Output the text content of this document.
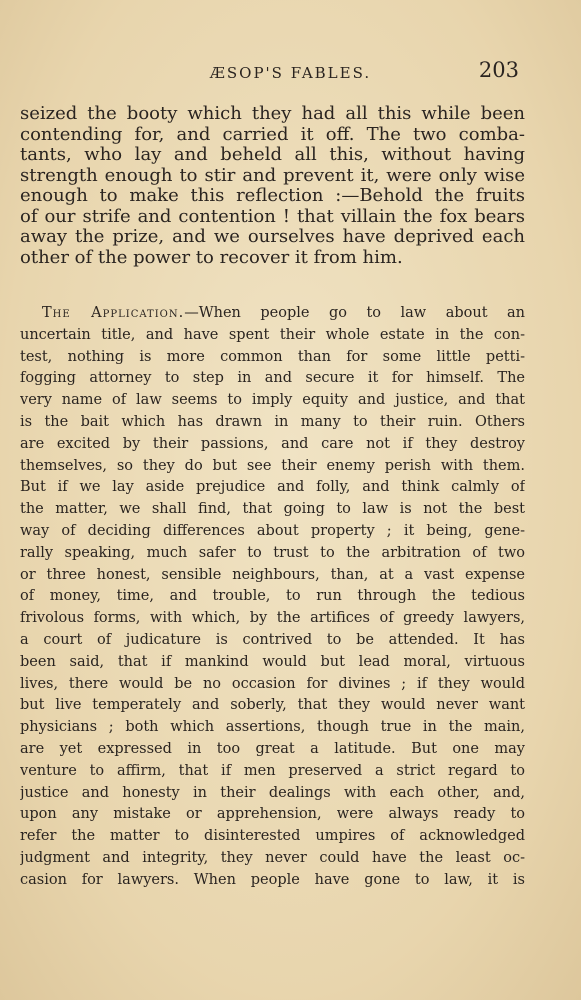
ÆSOP'S FABLES.	203
seized the booty which they had all this while been
contending for, and carried it off. The two comba-
tants, who lay and beheld all this, without having
strength enough to stir and prevent it, were only wise
enough to make this reflection :—Behold the fruits
of our strife and contention ! that villain the fox bears
away the prize, and we ourselves have deprived each
other of the power to recover it from him.
The Application.—When people go to law about an
uncertain title, and have spent their whole estate in the con-
test, nothing is more common than for some little petti-
fogging attorney to step in and secure it for himself. The
very name of law seems to imply equity and justice, and that
is the bait which has drawn in many to their ruin. Others
are excited by their passions, and care not if they destroy
themselves, so they do but see their enemy perish with them.
But if we lay aside prejudice and folly, and think calmly of
the matter, we shall find, that going to law is not the best
way of deciding differences about property ; it being, gene-
rally speaking, much safer to trust to the arbitration of two
or three honest, sensible neighbours, than, at a vast expense
of money, time, and trouble, to run through the tedious
frivolous forms, with which, by the artifices of greedy lawyers,
a court of judicature is contrived to be attended. It has
been said, that if mankind would but lead moral, virtuous
lives, there would be no occasion for divines ; if they would
but live temperately and soberly, that they would never want
physicians ; both which assertions, though true in the main,
are yet expressed in too great a latitude. But one may
venture to affirm, that if men preserved a strict regard to
justice and honesty in their dealings with each other, and,
upon any mistake or apprehension, were always ready to
refer the matter to disinterested umpires of acknowledged
judgment and integrity, they never could have the least oc-
casion for lawyers. When people have gone to law, it is
